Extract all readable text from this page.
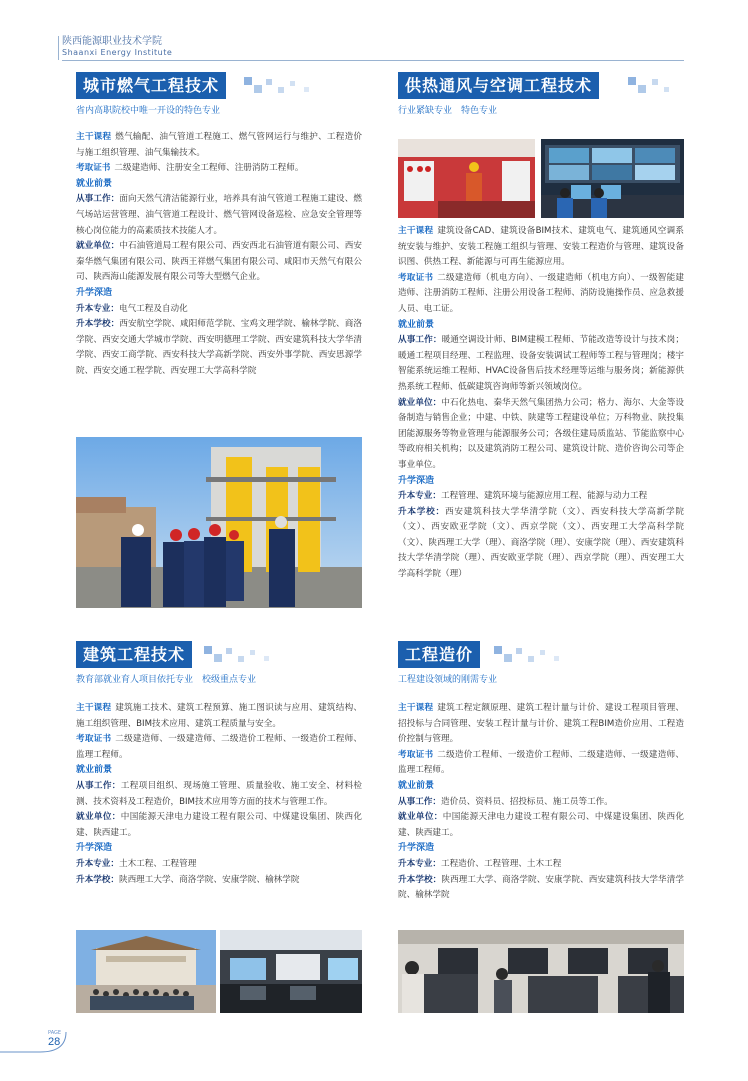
陕西能源职业技术学院
Shaanxi Energy Institute
城市燃气工程技术
省内高职院校中唯一开设的特色专业

主干课程 燃气输配、油气管道工程施工、燃气管网运行与维护、工程造价与施工组织管理、油气集输技术。

考取证书 二级建造师、注册安全工程师、注册消防工程师。

就业前景

从事工作：面向天然气清洁能源行业，培养具有油气管道工程施工建设、燃气场站运营管理、油气管道工程设计、燃气管网设备巡检、应急安全管理等核心岗位能力的高素质技术技能人才。

就业单位：中石油管道局工程有限公司、西安西北石油管道有限公司、西安秦华燃气集团有限公司、陕西王祥燃气集团有限公司、咸阳市天然气有限公司、陕西海山能源发展有限公司等大型燃气企业。

升学深造

升本专业：电气工程及自动化

升本学校：西安航空学院、咸阳师范学院、宝鸡文理学院、榆林学院、商洛学院、西安交通大学城市学院、西安明德理工学院、西安建筑科技大学华清学院、西安工商学院、西安科技大学高新学院、西安外事学院、西安思源学院、西安交通工程学院、西安理工大学高科学院

供热通风与空调工程技术
行业紧缺专业　特色专业

主干课程 建筑设备CAD、建筑设备BIM技术、建筑电气、建筑通风空调系统安装与维护、安装工程施工组织与管理、安装工程造价与管理、建筑设备识图、供热工程、新能源与可再生能源应用。

考取证书 二级建造师（机电方向）、一级建造师（机电方向）、一级智能建造师、注册消防工程师、注册公用设备工程师、消防设施操作员、应急救援人员、电工证。

就业前景

从事工作：暖通空调设计师、BIM建模工程师、节能改造等设计与技术岗；暖通工程项目经理、工程监理、设备安装调试工程师等工程与管理岗；楼宇智能系统运维工程师、HVAC设备售后技术经理等运维与服务岗；新能源供热系统工程师、低碳建筑咨询师等新兴领域岗位。

就业单位：中石化热电、秦华天然气集团热力公司；格力、海尔、大金等设备制造与销售企业；中建、中铁、陕建等工程建设单位；万科物业、陕投集团能源服务等物业管理与能源服务公司；各级住建局质监站、节能监察中心等政府相关机构；以及建筑消防工程公司、建筑设计院、造价咨询公司等企事业单位。

升学深造

升本专业：工程管理、建筑环境与能源应用工程、能源与动力工程

升本学校：西安建筑科技大学华清学院（文）、西安科技大学高新学院（文）、西安欧亚学院（文）、西京学院（文）、西安理工大学高科学院（文）、陕西理工大学（理）、商洛学院（理）、安康学院（理）、西安建筑科技大学华清学院（理）、西安欧亚学院（理）、西京学院（理）、西安理工大学高科学院（理）

建筑工程技术
教育部就业育人项目依托专业　校级重点专业

主干课程 建筑施工技术、建筑工程预算、施工图识读与应用、建筑结构、施工组织管理、BIM技术应用、建筑工程质量与安全。

考取证书 二级建造师、一级建造师、二级造价工程师、一级造价工程师、监理工程师。

就业前景

从事工作：工程项目组织、现场施工管理、质量验收、施工安全、材料检测、技术资料及工程造价，BIM技术应用等方面的技术与管理工作。

就业单位：中国能源天津电力建设工程有限公司、中煤建设集团、陕西化建、陕西建工。

升学深造

升本专业：土木工程、工程管理

升本学校：陕西理工大学、商洛学院、安康学院、榆林学院

工程造价
工程建设领域的刚需专业

主干课程 建筑工程定额原理、建筑工程计量与计价、建设工程项目管理、招投标与合同管理、安装工程计量与计价、建筑工程BIM造价应用、工程造价控制与管理。

考取证书 二级造价工程师、一级造价工程师、二级建造师、一级建造师、监理工程师。

就业前景

从事工作：造价员、资料员、招投标员、施工员等工作。

就业单位：中国能源天津电力建设工程有限公司、中煤建设集团、陕西化建、陕西建工。

升学深造

升本专业：工程造价、工程管理、土木工程

升本学校：陕西理工大学、商洛学院、安康学院、西安建筑科技大学华清学院、榆林学院

PAGE
28
